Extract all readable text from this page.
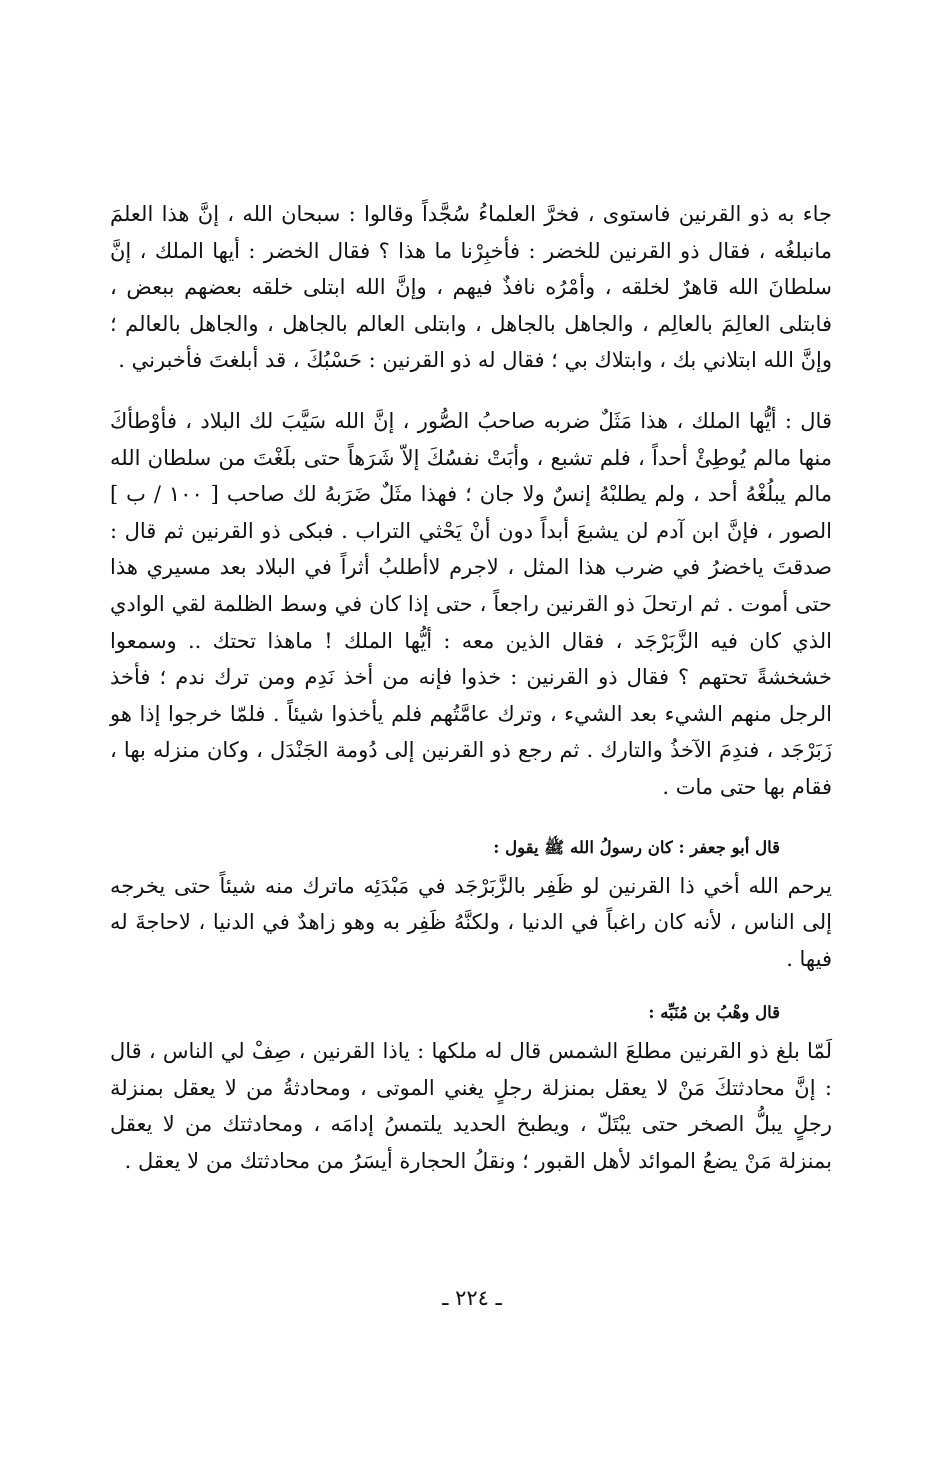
جاء به ذو القرنين فاستوى ، فخرَّ العلماءُ سُجَّداً وقالوا : سبحان الله ، إنَّ هذا العلمَ مانبلغُه ، فقال ذو القرنين للخضر : فأخبِرْنا ما هذا ؟ فقال الخضر : أيها الملك ، إنَّ سلطانَ الله قاهرٌ لخلقه ، وأمْرُه نافذٌ فيهم ، وإنَّ الله ابتلى خلقه بعضهم ببعض ، فابتلى العالِمَ بالعالِم ، والجاهل بالجاهل ، وابتلى العالم بالجاهل ، والجاهل بالعالم ؛ وإنَّ الله ابتلاني بك ، وابتلاك بي ؛ فقال له ذو القرنين : حَسْبُكَ ، قد أبلغتَ فأخبرني .

قال : أيُّها الملك ، هذا مَثَلٌ ضربه صاحبُ الصُّور ، إنَّ الله سَيَّبَ لك البلاد ، فأوْطأكَ منها مالم يُوطِئْ أحداً ، فلم تشبع ، وأبَتْ نفسُكَ إلاّ شَرَهاً حتى بلَغْتَ من سلطان الله مالم يبلُغْهُ أحد ، ولم يطلبْهُ إنسٌ ولا جان ؛ فهذا مثَلٌ ضَرَبهُ لك صاحب [ ١٠٠ / ب ] الصور ، فإنَّ ابن آدم لن يشبعَ أبداً دون أنْ يَحْثي التراب . فبكى ذو القرنين ثم قال : صدقتَ ياخضرُ في ضرب هذا المثل ، لاجرم لاأطلبُ أثراً في البلاد بعد مسيري هذا حتى أموت . ثم ارتحلَ ذو القرنين راجعاً ، حتى إذا كان في وسط الظلمة لقي الوادي الذي كان فيه الزَّبَرْجَد ، فقال الذين معه : أيُّها الملك ! ماهذا تحتك .. وسمعوا خشخشةً تحتهم ؟ فقال ذو القرنين : خذوا فإنه من أخذ نَدِم ومن ترك ندم ؛ فأخذ الرجل منهم الشيء بعد الشيء ، وترك عامَّتُهم فلم يأخذوا شيئاً . فلمّا خرجوا إذا هو زَبَرْجَد ، فندِمَ الآخذُ والتارك . ثم رجع ذو القرنين إلى دُومة الجَنْدَل ، وكان منزله بها ، فقام بها حتى مات .

قال أبو جعفر : كان رسولُ الله ﷺ يقول :

يرحم الله أخي ذا القرنين لو ظَفِر بالزَّبَرْجَد في مَبْدَئِه ماترك منه شيئاً حتى يخرجه إلى الناس ، لأنه كان راغباً في الدنيا ، ولكنَّهُ ظَفِر به وهو زاهدٌ في الدنيا ، لاحاجةَ له فيها .

قال وهْبُ بن مُنَبِّه :

لَمّا بلغ ذو القرنين مطلعَ الشمس قال له ملكها : ياذا القرنين ، صِفْ لي الناس ، قال : إنَّ محادثتكَ مَنْ لا يعقل بمنزلة رجلٍ يغني الموتى ، ومحادثةُ من لا يعقل بمنزلة رجلٍ يبلُّ الصخر حتى يبْتَلّ ، ويطبخ الحديد يلتمسُ إدامَه ، ومحادثتك من لا يعقل بمنزلة مَنْ يضعُ الموائد لأهل القبور ؛ ونقلُ الحجارة أيسَرُ من محادثتك من لا يعقل .

ـ ٢٢٤ ـ
